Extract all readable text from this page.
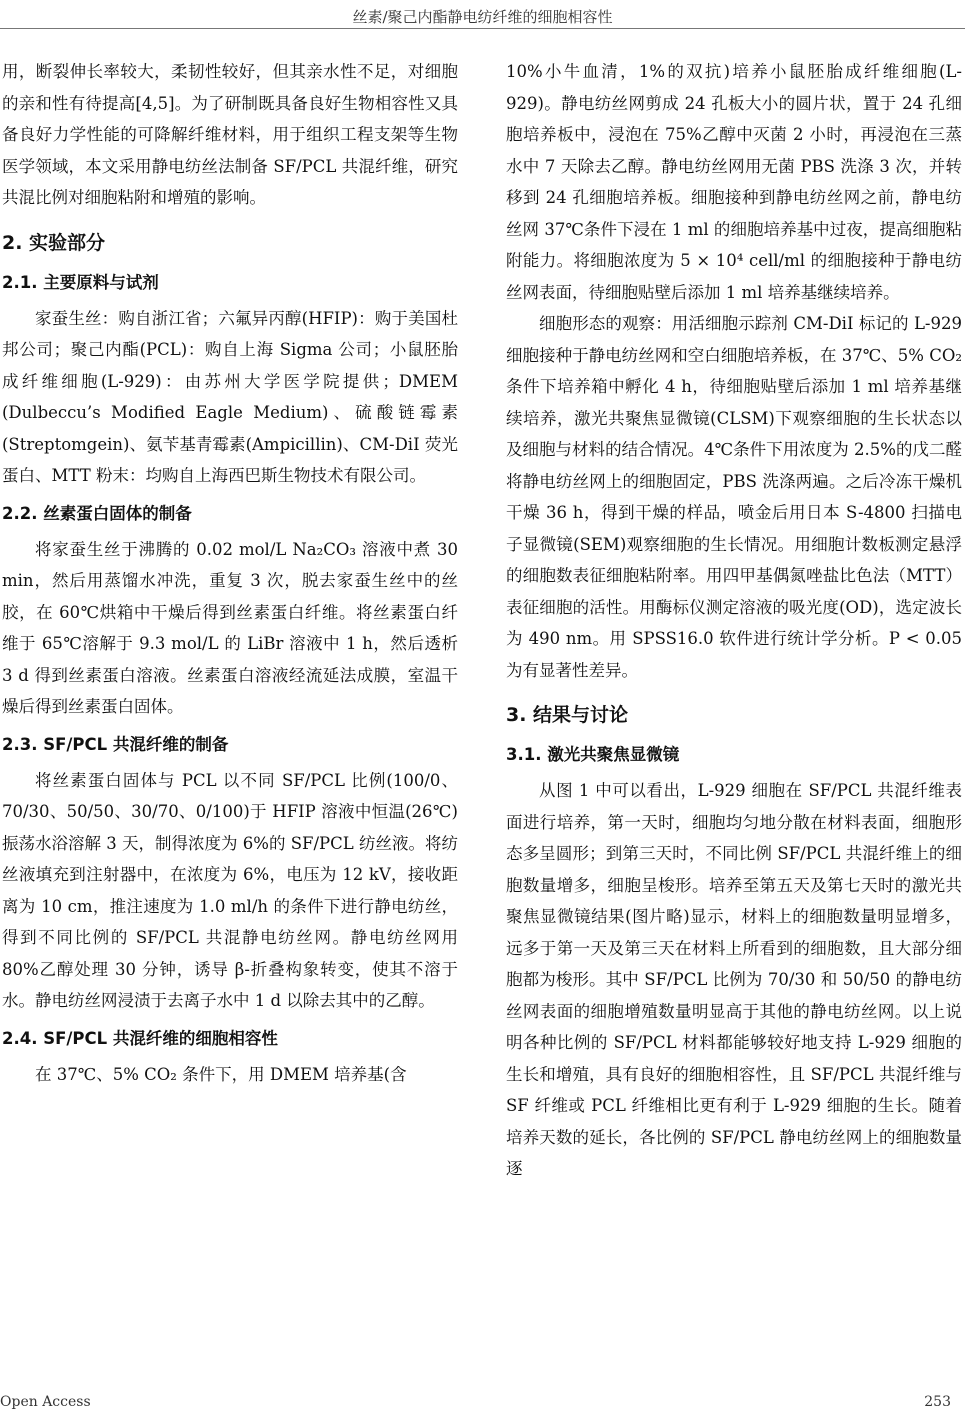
丝素/聚己内酯静电纺纤维的细胞相容性

用，断裂伸长率较大，柔韧性较好，但其亲水性不足，对细胞的亲和性有待提高[4,5]。为了研制既具备良好生物相容性又具备良好力学性能的可降解纤维材料，用于组织工程支架等生物医学领域，本文采用静电纺丝法制备 SF/PCL 共混纤维，研究共混比例对细胞粘附和增殖的影响。

2. 实验部分
2.1. 主要原料与试剂

家蚕生丝：购自浙江省；六氟异丙醇(HFIP)：购于美国杜邦公司；聚己内酯(PCL)：购自上海 Sigma 公司；小鼠胚胎成纤维细胞(L-929)：由苏州大学医学院提供；DMEM (Dulbeccu’s Modified Eagle Medium)、硫酸链霉素(Streptomgein)、氨苄基青霉素(Ampicillin)、CM-DiI 荧光蛋白、MTT 粉末：均购自上海西巴斯生物技术有限公司。

2.2. 丝素蛋白固体的制备

将家蚕生丝于沸腾的 0.02 mol/L Na₂CO₃ 溶液中煮 30 min，然后用蒸馏水冲洗，重复 3 次，脱去家蚕生丝中的丝胶，在 60℃烘箱中干燥后得到丝素蛋白纤维。将丝素蛋白纤维于 65℃溶解于 9.3 mol/L 的 LiBr 溶液中 1 h，然后透析 3 d 得到丝素蛋白溶液。丝素蛋白溶液经流延法成膜，室温干燥后得到丝素蛋白固体。

2.3. SF/PCL 共混纤维的制备

将丝素蛋白固体与 PCL 以不同 SF/PCL 比例(100/0、70/30、50/50、30/70、0/100)于 HFIP 溶液中恒温(26℃)振荡水浴溶解 3 天，制得浓度为 6%的 SF/PCL 纺丝液。将纺丝液填充到注射器中，在浓度为 6%，电压为 12 kV，接收距离为 10 cm，推注速度为 1.0 ml/h 的条件下进行静电纺丝，得到不同比例的 SF/PCL 共混静电纺丝网。静电纺丝网用 80%乙醇处理 30 分钟，诱导 β-折叠构象转变，使其不溶于水。静电纺丝网浸渍于去离子水中 1 d 以除去其中的乙醇。

2.4. SF/PCL 共混纤维的细胞相容性

在 37℃、5% CO₂ 条件下，用 DMEM 培养基(含

10%小牛血清，1%的双抗)培养小鼠胚胎成纤维细胞(L-929)。静电纺丝网剪成 24 孔板大小的圆片状，置于 24 孔细胞培养板中，浸泡在 75%乙醇中灭菌 2 小时，再浸泡在三蒸水中 7 天除去乙醇。静电纺丝网用无菌 PBS 洗涤 3 次，并转移到 24 孔细胞培养板。细胞接种到静电纺丝网之前，静电纺丝网 37℃条件下浸在 1 ml 的细胞培养基中过夜，提高细胞粘附能力。将细胞浓度为 5 × 10⁴ cell/ml 的细胞接种于静电纺丝网表面，待细胞贴壁后添加 1 ml 培养基继续培养。

细胞形态的观察：用活细胞示踪剂 CM-DiI 标记的 L-929 细胞接种于静电纺丝网和空白细胞培养板，在 37℃、5% CO₂ 条件下培养箱中孵化 4 h，待细胞贴壁后添加 1 ml 培养基继续培养，激光共聚焦显微镜(CLSM)下观察细胞的生长状态以及细胞与材料的结合情况。4℃条件下用浓度为 2.5%的戊二醛将静电纺丝网上的细胞固定，PBS 洗涤两遍。之后冷冻干燥机干燥 36 h，得到干燥的样品，喷金后用日本 S-4800 扫描电子显微镜(SEM)观察细胞的生长情况。用细胞计数板测定悬浮的细胞数表征细胞粘附率。用四甲基偶氮唑盐比色法（MTT）表征细胞的活性。用酶标仪测定溶液的吸光度(OD)，选定波长为 490 nm。用 SPSS16.0 软件进行统计学分析。P < 0.05 为有显著性差异。

3. 结果与讨论
3.1. 激光共聚焦显微镜

从图 1 中可以看出，L-929 细胞在 SF/PCL 共混纤维表面进行培养，第一天时，细胞均匀地分散在材料表面，细胞形态多呈圆形；到第三天时，不同比例 SF/PCL 共混纤维上的细胞数量增多，细胞呈梭形。培养至第五天及第七天时的激光共聚焦显微镜结果(图片略)显示，材料上的细胞数量明显增多，远多于第一天及第三天在材料上所看到的细胞数，且大部分细胞都为梭形。其中 SF/PCL 比例为 70/30 和 50/50 的静电纺丝网表面的细胞增殖数量明显高于其他的静电纺丝网。以上说明各种比例的 SF/PCL 材料都能够较好地支持 L-929 细胞的生长和增殖，具有良好的细胞相容性，且 SF/PCL 共混纤维与 SF 纤维或 PCL 纤维相比更有利于 L-929 细胞的生长。随着培养天数的延长，各比例的 SF/PCL 静电纺丝网上的细胞数量逐

Open Access	253
